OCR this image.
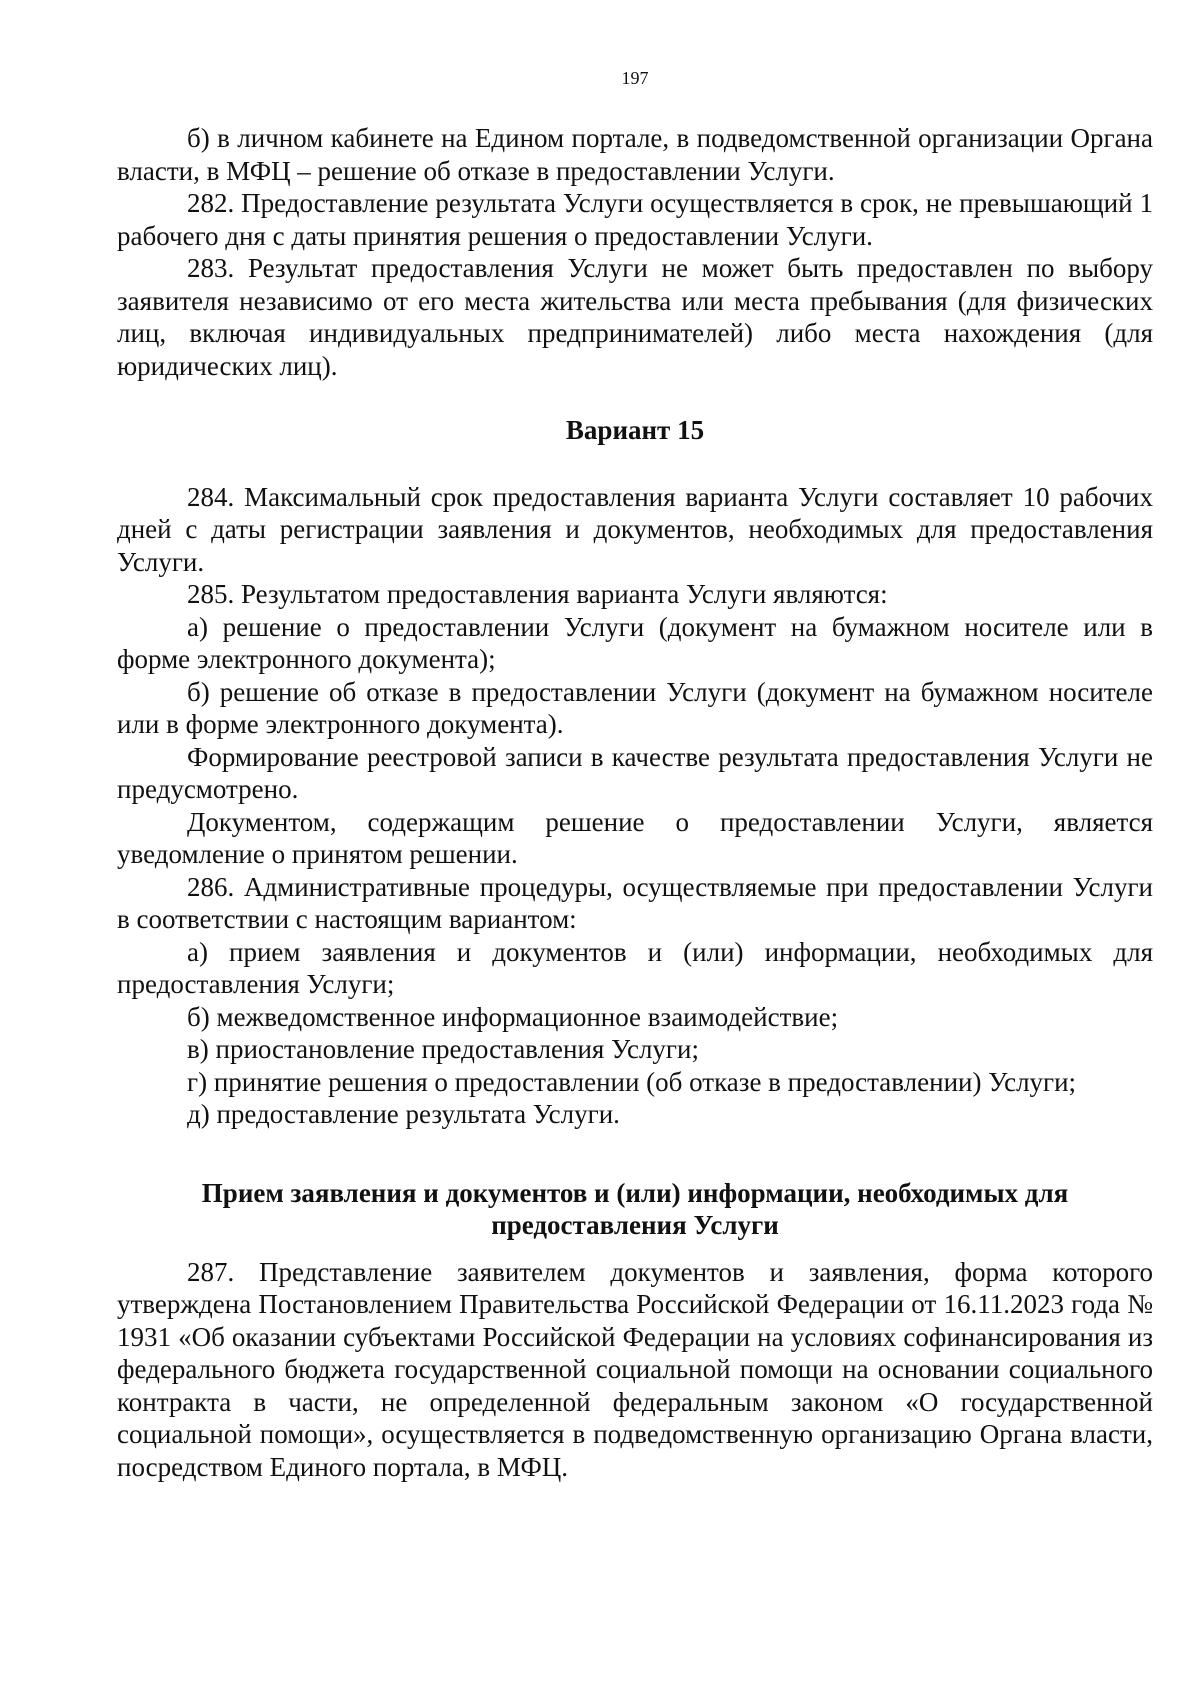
197

б) в личном кабинете на Едином портале, в подведомственной организации Органа власти, в МФЦ – решение об отказе в предоставлении Услуги.

282. Предоставление результата Услуги осуществляется в срок, не превышающий 1 рабочего дня с даты принятия решения о предоставлении Услуги.

283. Результат предоставления Услуги не может быть предоставлен по выбору заявителя независимо от его места жительства или места пребывания (для физических лиц, включая индивидуальных предпринимателей) либо места нахождения (для юридических лиц).

Вариант 15

284. Максимальный срок предоставления варианта Услуги составляет 10 рабочих дней с даты регистрации заявления и документов, необходимых для предоставления Услуги.

285. Результатом предоставления варианта Услуги являются:

а) решение о предоставлении Услуги (документ на бумажном носителе или в форме электронного документа);

б) решение об отказе в предоставлении Услуги (документ на бумажном носителе или в форме электронного документа).

Формирование реестровой записи в качестве результата предоставления Услуги не предусмотрено.

Документом, содержащим решение о предоставлении Услуги, является уведомление о принятом решении.

286. Административные процедуры, осуществляемые при предоставлении Услуги в соответствии с настоящим вариантом:

а) прием заявления и документов и (или) информации, необходимых для предоставления Услуги;

б) межведомственное информационное взаимодействие;

в) приостановление предоставления Услуги;

г) принятие решения о предоставлении (об отказе в предоставлении) Услуги;

д) предоставление результата Услуги.

Прием заявления и документов и (или) информации, необходимых для
предоставления Услуги

287. Представление заявителем документов и заявления, форма которого утверждена Постановлением Правительства Российской Федерации от 16.11.2023 года № 1931 «Об оказании субъектами Российской Федерации на условиях софинансирования из федерального бюджета государственной социальной помощи на основании социального контракта в части, не определенной федеральным законом «О государственной социальной помощи», осуществляется в подведомственную организацию Органа власти, посредством Единого портала, в МФЦ.
